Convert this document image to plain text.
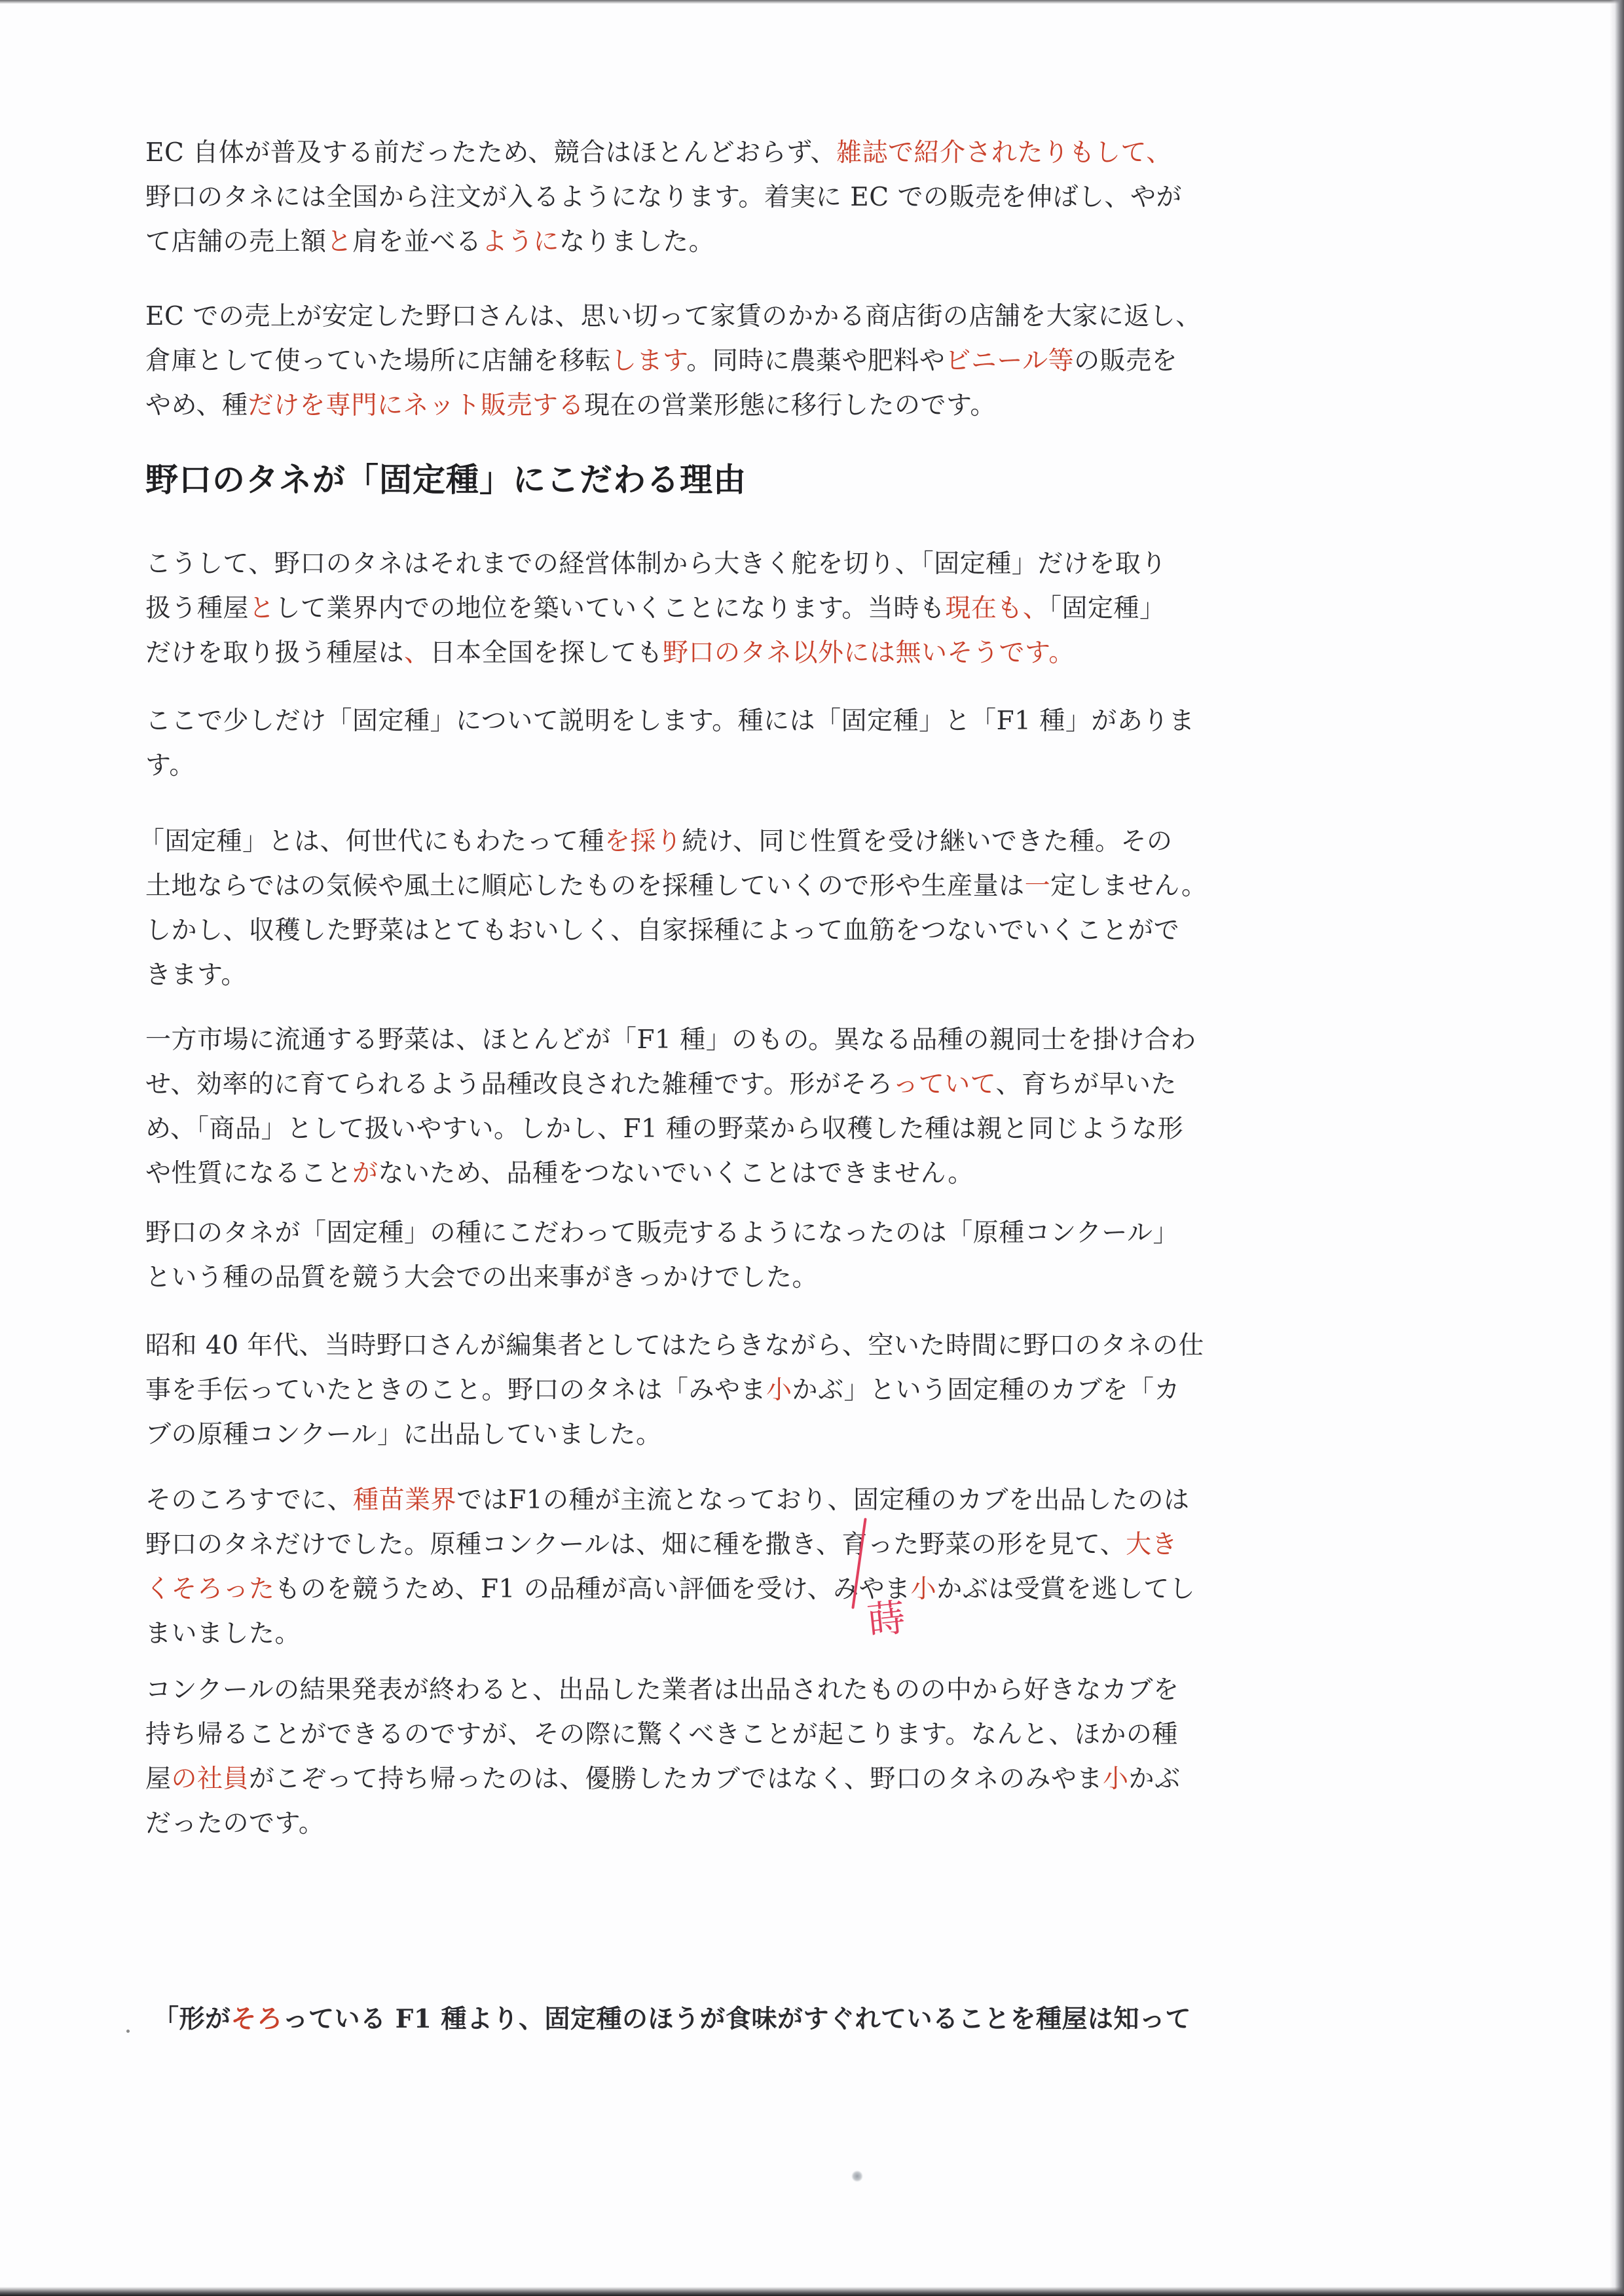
EC 自体が普及する前だったため、競合はほとんどおらず、雑誌で紹介されたりもして、

野口のタネには全国から注文が入るようになります。着実に EC での販売を伸ばし、やが

て店舗の売上額と肩を並べるようになりました。

EC での売上が安定した野口さんは、思い切って家賃のかかる商店街の店舗を大家に返し、

倉庫として使っていた場所に店舗を移転します。同時に農薬や肥料やビニール等の販売を

やめ、種だけを専門にネット販売する現在の営業形態に移行したのです。

野口のタネが「固定種」にこだわる理由

こうして、野口のタネはそれまでの経営体制から大きく舵を切り、「固定種」だけを取り

扱う種屋として業界内での地位を築いていくことになります。当時も現在も、「固定種」

だけを取り扱う種屋は、日本全国を探しても野口のタネ以外には無いそうです。

ここで少しだけ「固定種」について説明をします。種には「固定種」と「F1 種」がありま

す。

「固定種」とは、何世代にもわたって種を採り続け、同じ性質を受け継いできた種。その

土地ならではの気候や風土に順応したものを採種していくので形や生産量は一定しません。

しかし、収穫した野菜はとてもおいしく、自家採種によって血筋をつないでいくことがで

きます。

一方市場に流通する野菜は、ほとんどが「F1 種」のもの。異なる品種の親同士を掛け合わ

せ、効率的に育てられるよう品種改良された雑種です。形がそろっていて、育ちが早いた

め、「商品」として扱いやすい。しかし、F1 種の野菜から収穫した種は親と同じような形

や性質になることがないため、品種をつないでいくことはできません。

野口のタネが「固定種」の種にこだわって販売するようになったのは「原種コンクール」

という種の品質を競う大会での出来事がきっかけでした。

昭和 40 年代、当時野口さんが編集者としてはたらきながら、空いた時間に野口のタネの仕

事を手伝っていたときのこと。野口のタネは「みやま小かぶ」という固定種のカブを「カ

ブの原種コンクール」に出品していました。

そのころすでに、種苗業界ではF1の種が主流となっており、固定種のカブを出品したのは

野口のタネだけでした。原種コンクールは、畑に種を撒き、育った野菜の形を見て、大き

くそろったものを競うため、F1 の品種が高い評価を受け、みやま小かぶは受賞を逃してし

まいました。

コンクールの結果発表が終わると、出品した業者は出品されたものの中から好きなカブを

持ち帰ることができるのですが、その際に驚くべきことが起こります。なんと、ほかの種

屋の社員がこぞって持ち帰ったのは、優勝したカブではなく、野口のタネのみやま小かぶ

だったのです。

「形がそろっている F1 種より、固定種のほうが食味がすぐれていることを種屋は知って

蒔
